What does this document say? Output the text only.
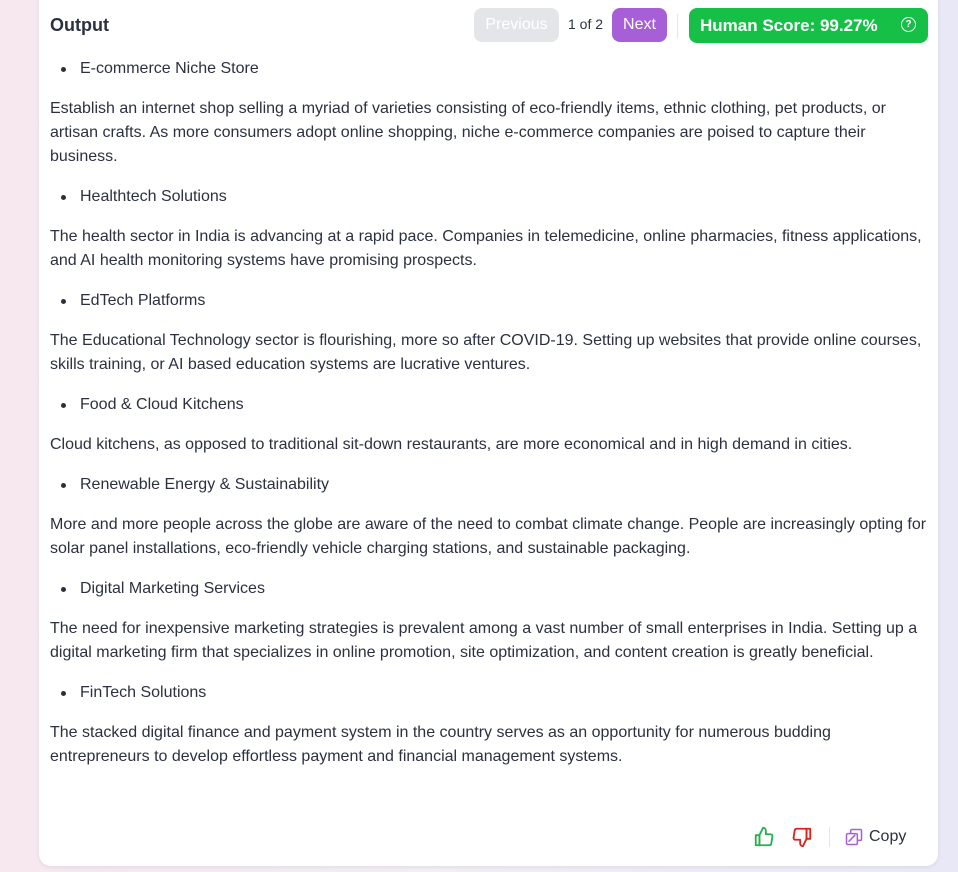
Output	Previous	1 of 2	Next	Human Score: 99.27%	?
E-commerce Niche Store

Establish an internet shop selling a myriad of varieties consisting of eco-friendly items, ethnic clothing, pet products, or artisan crafts. As more consumers adopt online shopping, niche e-commerce companies are poised to capture their business.

Healthtech Solutions

The health sector in India is advancing at a rapid pace. Companies in telemedicine, online pharmacies, fitness applications, and AI health monitoring systems have promising prospects.

EdTech Platforms

The Educational Technology sector is flourishing, more so after COVID-19. Setting up websites that provide online courses, skills training, or AI based education systems are lucrative ventures.

Food & Cloud Kitchens

Cloud kitchens, as opposed to traditional sit-down restaurants, are more economical and in high demand in cities.

Renewable Energy & Sustainability

More and more people across the globe are aware of the need to combat climate change. People are increasingly opting for solar panel installations, eco-friendly vehicle charging stations, and sustainable packaging.

Digital Marketing Services

The need for inexpensive marketing strategies is prevalent among a vast number of small enterprises in India. Setting up a digital marketing firm that specializes in online promotion, site optimization, and content creation is greatly beneficial.

FinTech Solutions

The stacked digital finance and payment system in the country serves as an opportunity for numerous budding entrepreneurs to develop effortless payment and financial management systems.

Copy
